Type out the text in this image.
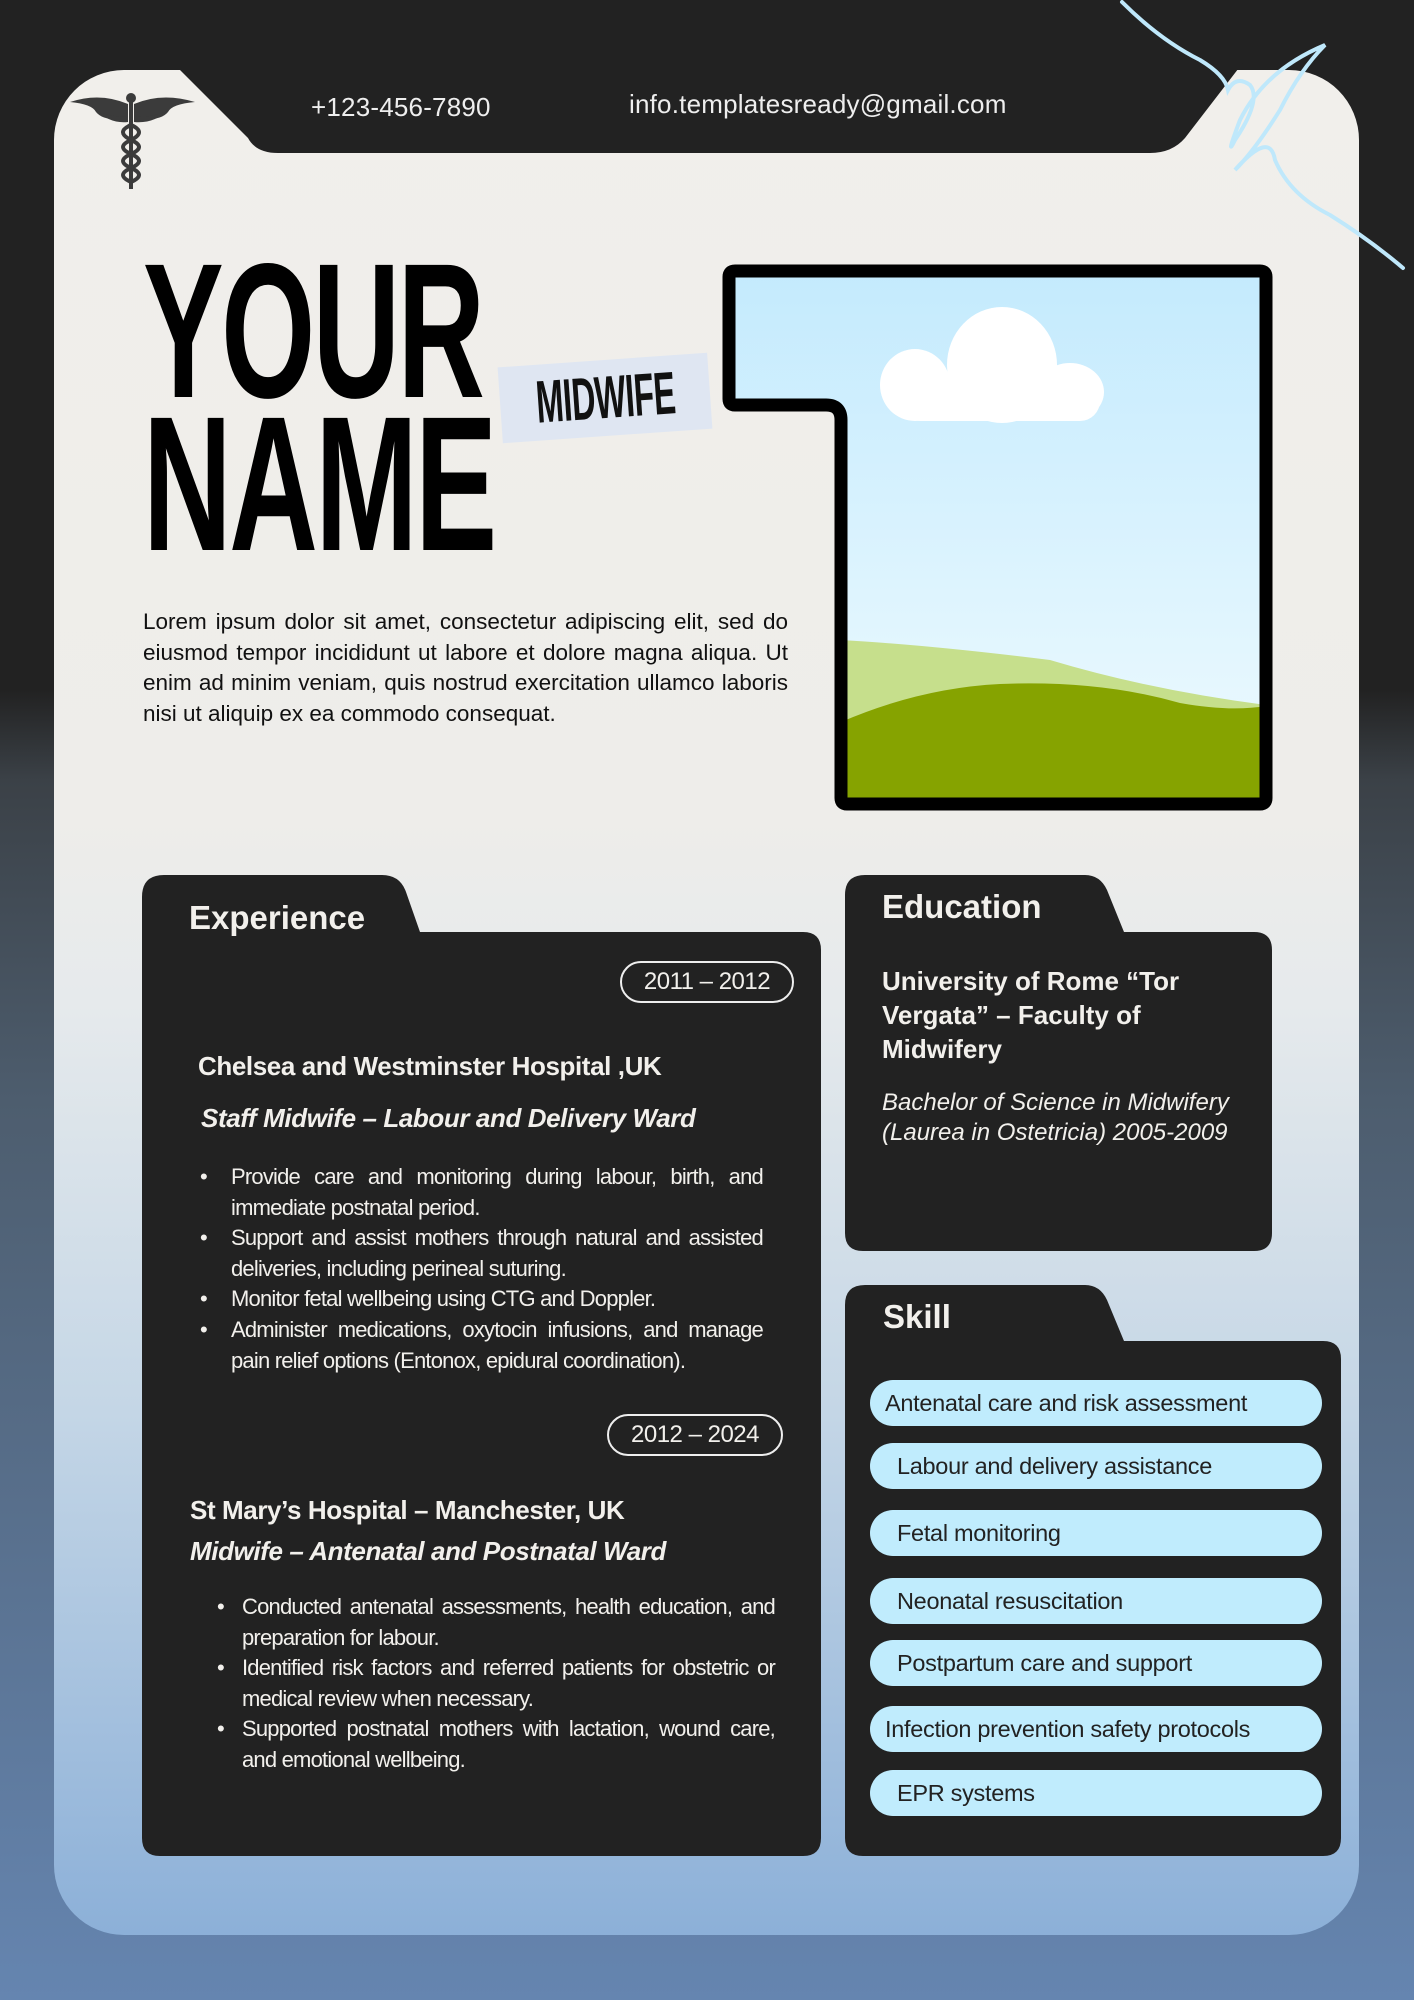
+123-456-7890	info.templatesready@gmail.com
YOUR
NAME MIDWIFE
Lorem ipsum dolor sit amet, consectetur adipiscing elit, sed do eiusmod tempor incididunt ut labore et dolore magna aliqua. Ut enim ad minim veniam, quis nostrud exercitation ullamco laboris nisi ut aliquip ex ea commodo consequat.
Experience
2011 – 2012
Chelsea and Westminster Hospital ,UK
Staff Midwife – Labour and Delivery Ward
• Provide care and monitoring during labour, birth, and immediate postnatal period.
• Support and assist mothers through natural and assisted deliveries, including perineal suturing.
• Monitor fetal wellbeing using CTG and Doppler.
• Administer medications, oxytocin infusions, and manage pain relief options (Entonox, epidural coordination).
2012 – 2024
St Mary’s Hospital – Manchester, UK
Midwife – Antenatal and Postnatal Ward
• Conducted antenatal assessments, health education, and preparation for labour.
• Identified risk factors and referred patients for obstetric or medical review when necessary.
• Supported postnatal mothers with lactation, wound care, and emotional wellbeing.
Education
University of Rome “Tor Vergata” – Faculty of Midwifery
Bachelor of Science in Midwifery (Laurea in Ostetricia) 2005-2009
Skill
Antenatal care and risk assessment
Labour and delivery assistance
Fetal monitoring
Neonatal resuscitation
Postpartum care and support
Infection prevention safety protocols
EPR systems
